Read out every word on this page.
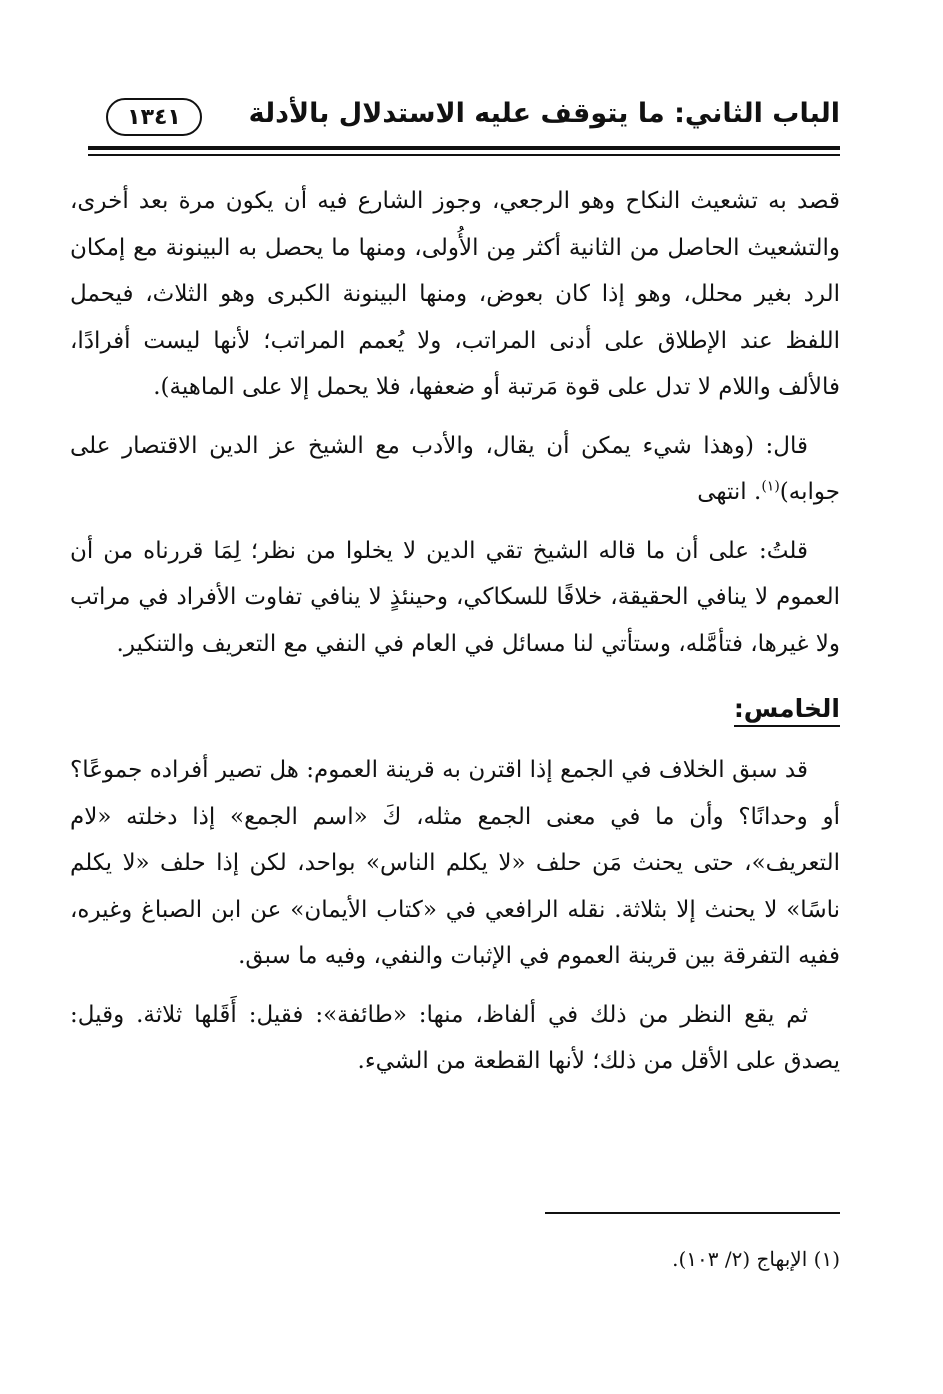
الباب الثاني: ما يتوقف عليه الاستدلال بالأدلة
١٣٤١

قصد به تشعيث النكاح وهو الرجعي، وجوز الشارع فيه أن يكون مرة بعد أخرى، والتشعيث الحاصل من الثانية أكثر مِن الأُولى، ومنها ما يحصل به البينونة مع إمكان الرد بغير محلل، وهو إذا كان بعوض، ومنها البينونة الكبرى وهو الثلاث، فيحمل اللفظ عند الإطلاق على أدنى المراتب، ولا يُعمم المراتب؛ لأنها ليست أفرادًا، فالألف واللام لا تدل على قوة مَرتبة أو ضعفها، فلا يحمل إلا على الماهية).

قال: (وهذا شيء يمكن أن يقال، والأدب مع الشيخ عز الدين الاقتصار على جوابه)$^{(١)}$. انتهى

قلتُ: على أن ما قاله الشيخ تقي الدين لا يخلوا من نظر؛ لِمَا قررناه من أن العموم لا ينافي الحقيقة، خلافًا للسكاكي، وحينئذٍ لا ينافي تفاوت الأفراد في مراتب ولا غيرها، فتأمَّله، وستأتي لنا مسائل في العام في النفي مع التعريف والتنكير.

الخامس:

قد سبق الخلاف في الجمع إذا اقترن به قرينة العموم: هل تصير أفراده جموعًا؟ أو وحدانًا؟ وأن ما في معنى الجمع مثله، كَ «اسم الجمع» إذا دخلته «لام التعريف»، حتى يحنث مَن حلف «لا يكلم الناس» بواحد، لكن إذا حلف «لا يكلم ناسًا» لا يحنث إلا بثلاثة. نقله الرافعي في «كتاب الأيمان» عن ابن الصباغ وغيره، ففيه التفرقة بين قرينة العموم في الإثبات والنفي، وفيه ما سبق.

ثم يقع النظر من ذلك في ألفاظ، منها: «طائفة»: فقيل: أَقَلها ثلاثة. وقيل: يصدق على الأقل من ذلك؛ لأنها القطعة من الشيء.

(١) الإبهاج (٢/ ١٠٣).
